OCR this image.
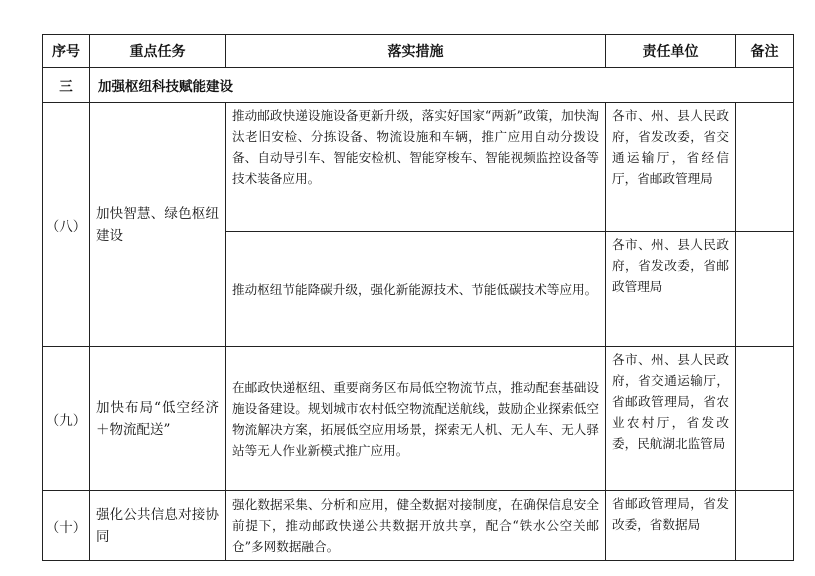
序号	重点任务	落实措施	责任单位	备注
三	加强枢纽科技赋能建设			
（八）	加快智慧、绿色枢纽建设	推动邮政快递设施设备更新升级，落实好国家“两新”政策，加快淘汰老旧安检、分拣设备、物流设施和车辆，推广应用自动分拨设备、自动导引车、智能安检机、智能穿梭车、智能视频监控设备等技术装备应用。	各市、州、县人民政府，省发改委，省交通运输厅，省经信厅，省邮政管理局	
		推动枢纽节能降碳升级，强化新能源技术、节能低碳技术等应用。	各市、州、县人民政府，省发改委，省邮政管理局	
（九）	加快布局“低空经济＋物流配送”	在邮政快递枢纽、重要商务区布局低空物流节点，推动配套基础设施设备建设。规划城市农村低空物流配送航线，鼓励企业探索低空物流解决方案，拓展低空应用场景，探索无人机、无人车、无人驿站等无人作业新模式推广应用。	各市、州、县人民政府，省交通运输厅，省邮政管理局，省农业农村厅，省发改委，民航湖北监管局	
（十）	强化公共信息对接协同	强化数据采集、分析和应用，健全数据对接制度，在确保信息安全前提下，推动邮政快递公共数据开放共享，配合“铁水公空关邮仓”多网数据融合。	省邮政管理局，省发改委，省数据局	
